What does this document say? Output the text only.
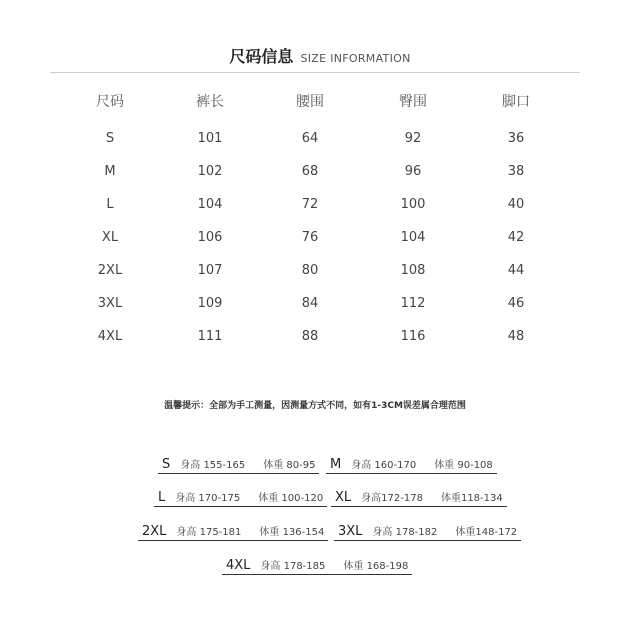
尺码信息 SIZE INFORMATION
尺码	裤长	腰围	臀围	脚口
S	101	64	92	36
M	102	68	96	38
L	104	72	100	40
XL	106	76	104	42
2XL	107	80	108	44
3XL	109	84	112	46
4XL	111	88	116	48
温馨提示：全部为手工测量，因测量方式不同，如有1-3CM误差属合理范围
S 身高 155-165 体重 80-95	M 身高 160-170 体重 90-108
L 身高 170-175 体重 100-120 XL 身高172-178 体重118-134
2XL 身高 175-181 体重 136-154	3XL 身高 178-182 体重148-172
4XL 身高 178-185 体重 168-198
